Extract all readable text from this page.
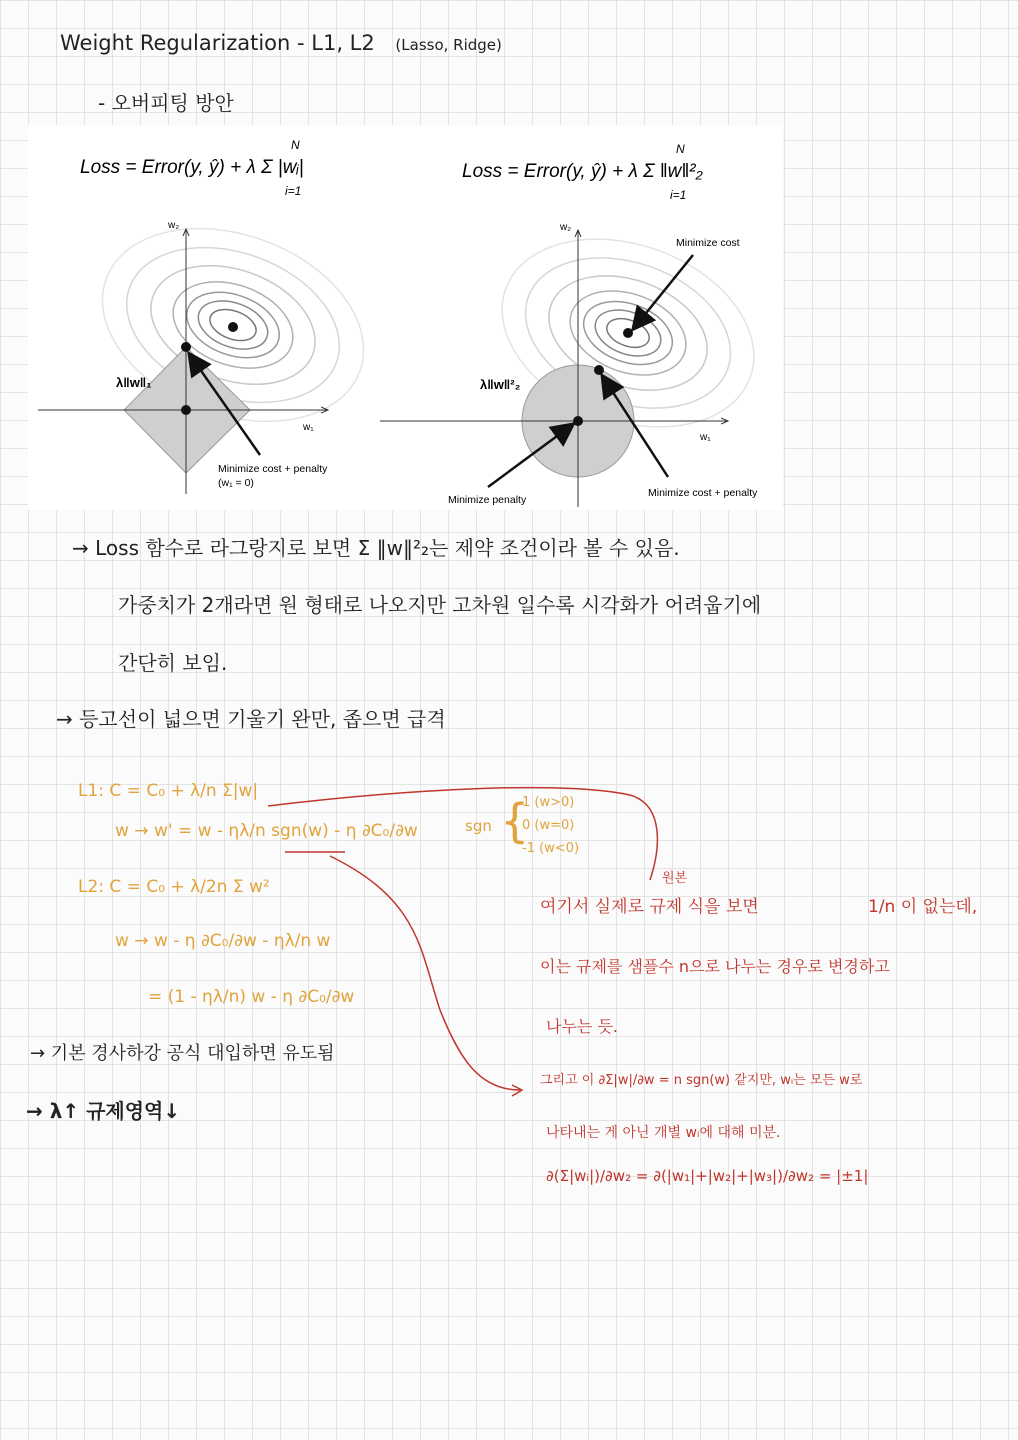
Weight Regularization - L1, L2 (Lasso, Ridge)
- 오버피팅 방안
Loss = Error(y, ŷ) + λ Σ |wᵢ|
N
i=1
w₂
w₁
λ‖w‖₁
Minimize cost + penalty
(w₁ = 0)
Loss = Error(y, ŷ) + λ Σ ‖w‖²₂
N
i=1
w₂
w₁
λ‖w‖²₂
Minimize cost
Minimize penalty
Minimize cost + penalty
→ Loss 함수로 라그랑지로 보면 Σ ‖w‖²₂는 제약 조건이라 볼 수 있음.
가중치가 2개라면 원 형태로 나오지만 고차원 일수록 시각화가 어려웁기에
간단히 보임.
→ 등고선이 넓으면 기울기 완만, 좁으면 급격
L1: C = C₀ + λ/n Σ|w|
w → w' = w - ηλ/n sgn(w) - η ∂C₀/∂w	sgn {
1 (w>0)
0 (w=0)
-1 (w<0)
L2: C = C₀ + λ/2n Σ w²
w → w - η ∂C₀/∂w - ηλ/n w
= (1 - ηλ/n) w - η ∂C₀/∂w
→ 기본 경사하강 공식 대입하면 유도됨
→ λ↑ 규제영역↓
원본
여기서 실제로 규제 식을 보면	1/n 이 없는데,
이는 규제를 샘플수 n으로 나누는 경우로 변경하고
나누는 듯.
그리고 이 ∂Σ|w|/∂w = n sgn(w) 같지만, wᵢ는 모든 w로
나타내는 게 아닌 개별 wᵢ에 대해 미분.
∂(Σ|wᵢ|)/∂w₂ = ∂(|w₁|+|w₂|+|w₃|)/∂w₂ = |±1|
